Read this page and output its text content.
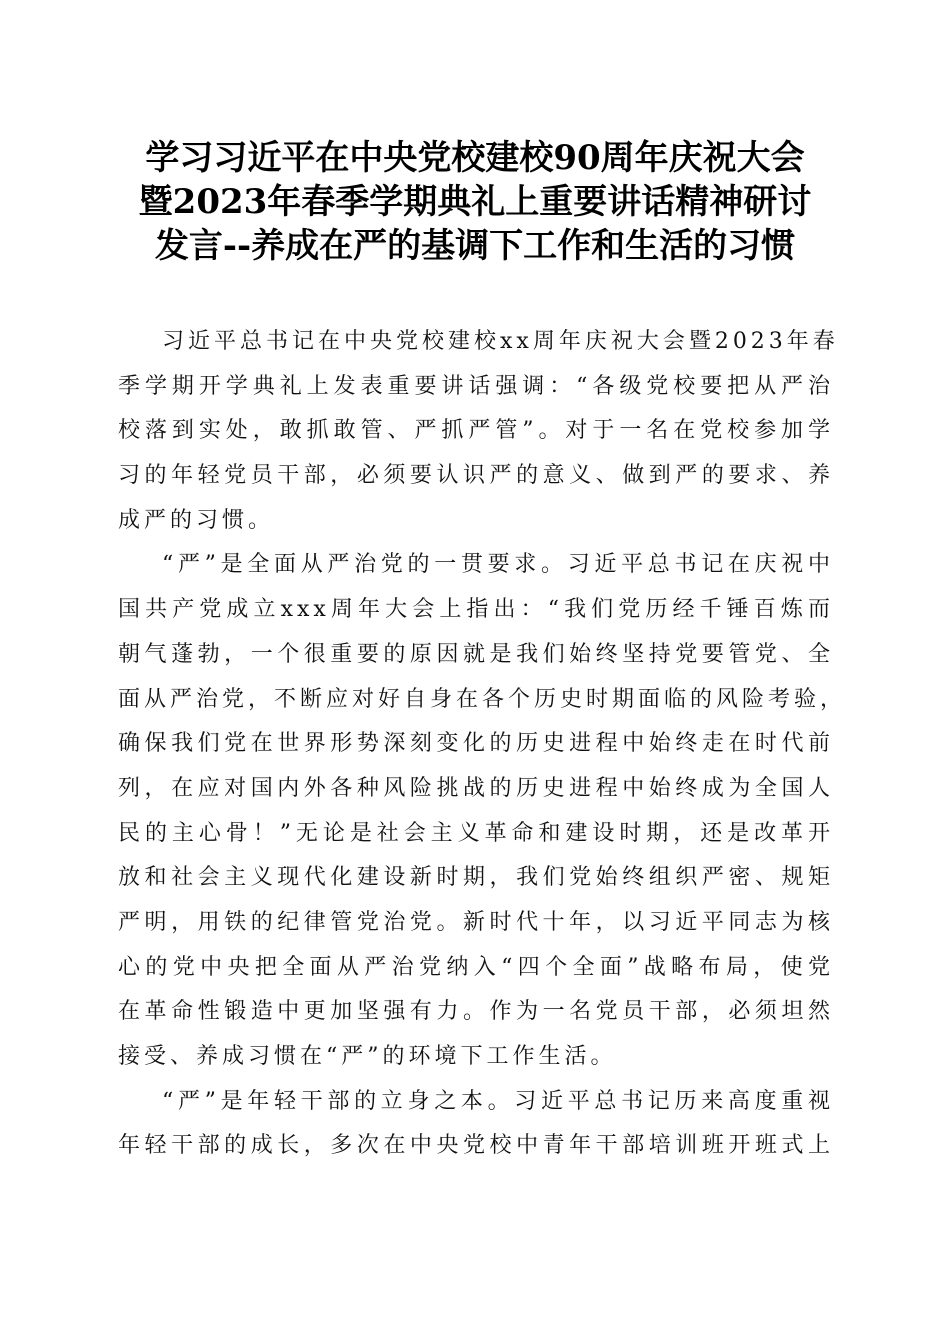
学习习近平在中央党校建校90周年庆祝大会
暨2023年春季学期典礼上重要讲话精神研讨
发言--养成在严的基调下工作和生活的习惯

习近平总书记在中央党校建校xx周年庆祝大会暨2023年春
季学期开学典礼上发表重要讲话强调：“各级党校要把从严治
校落到实处，敢抓敢管、严抓严管”。对于一名在党校参加学
习的年轻党员干部，必须要认识严的意义、做到严的要求、养
成严的习惯。

“严”是全面从严治党的一贯要求。习近平总书记在庆祝中
国共产党成立xxx周年大会上指出：“我们党历经千锤百炼而
朝气蓬勃，一个很重要的原因就是我们始终坚持党要管党、全
面从严治党，不断应对好自身在各个历史时期面临的风险考验，
确保我们党在世界形势深刻变化的历史进程中始终走在时代前
列，在应对国内外各种风险挑战的历史进程中始终成为全国人
民的主心骨！”无论是社会主义革命和建设时期，还是改革开
放和社会主义现代化建设新时期，我们党始终组织严密、规矩
严明，用铁的纪律管党治党。新时代十年，以习近平同志为核
心的党中央把全面从严治党纳入“四个全面”战略布局，使党
在革命性锻造中更加坚强有力。作为一名党员干部，必须坦然
接受、养成习惯在“严”的环境下工作生活。

“严”是年轻干部的立身之本。习近平总书记历来高度重视
年轻干部的成长，多次在中央党校中青年干部培训班开班式上
